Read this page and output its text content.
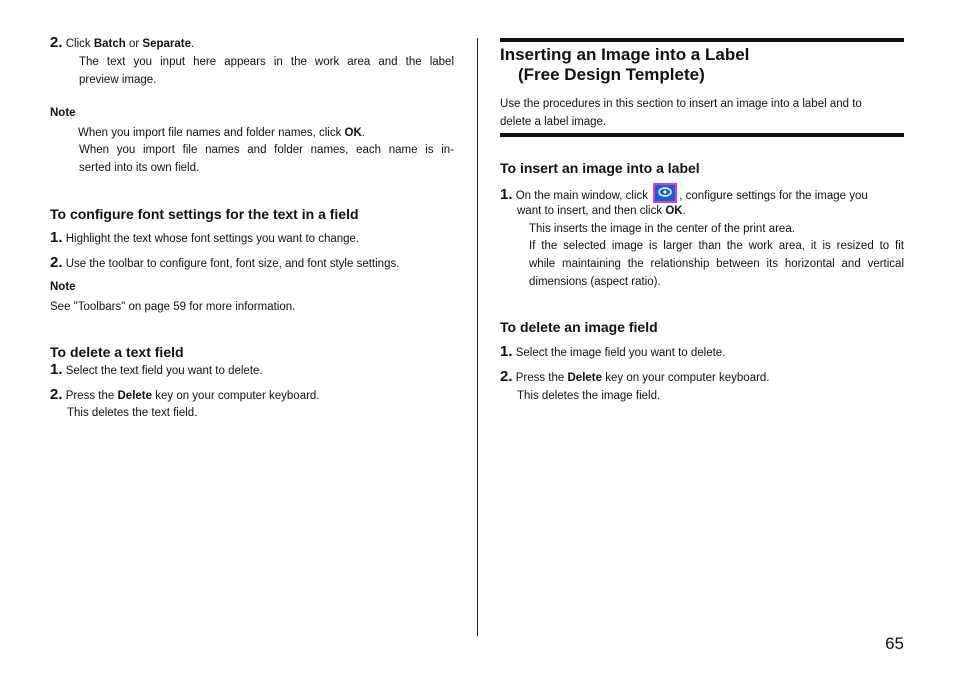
2. Click Batch or Separate.
The text you input here appears in the work area and the label
preview image.
Note
When you import file names and folder names, click OK.
When you import file names and folder names, each name is in-
serted into its own field.
To configure font settings for the text in a field
1. Highlight the text whose font settings you want to change.
2. Use the toolbar to configure font, font size, and font style settings.
Note
See "Toolbars" on page 59 for more information.
To delete a text field
1. Select the text field you want to delete.
2. Press the Delete key on your computer keyboard.
This deletes the text field.
Inserting an Image into a Label
(Free Design Templete)
Use the procedures in this section to insert an image into a label and to
delete a label image.
To insert an image into a label
1. On the main window, click
, configure settings for the image you
want to insert, and then click OK.
This inserts the image in the center of the print area.
If the selected image is larger than the work area, it is resized to fit
while maintaining the relationship between its horizontal and vertical
dimensions (aspect ratio).
To delete an image field
1. Select the image field you want to delete.
2. Press the Delete key on your computer keyboard.
This deletes the image field.
65
